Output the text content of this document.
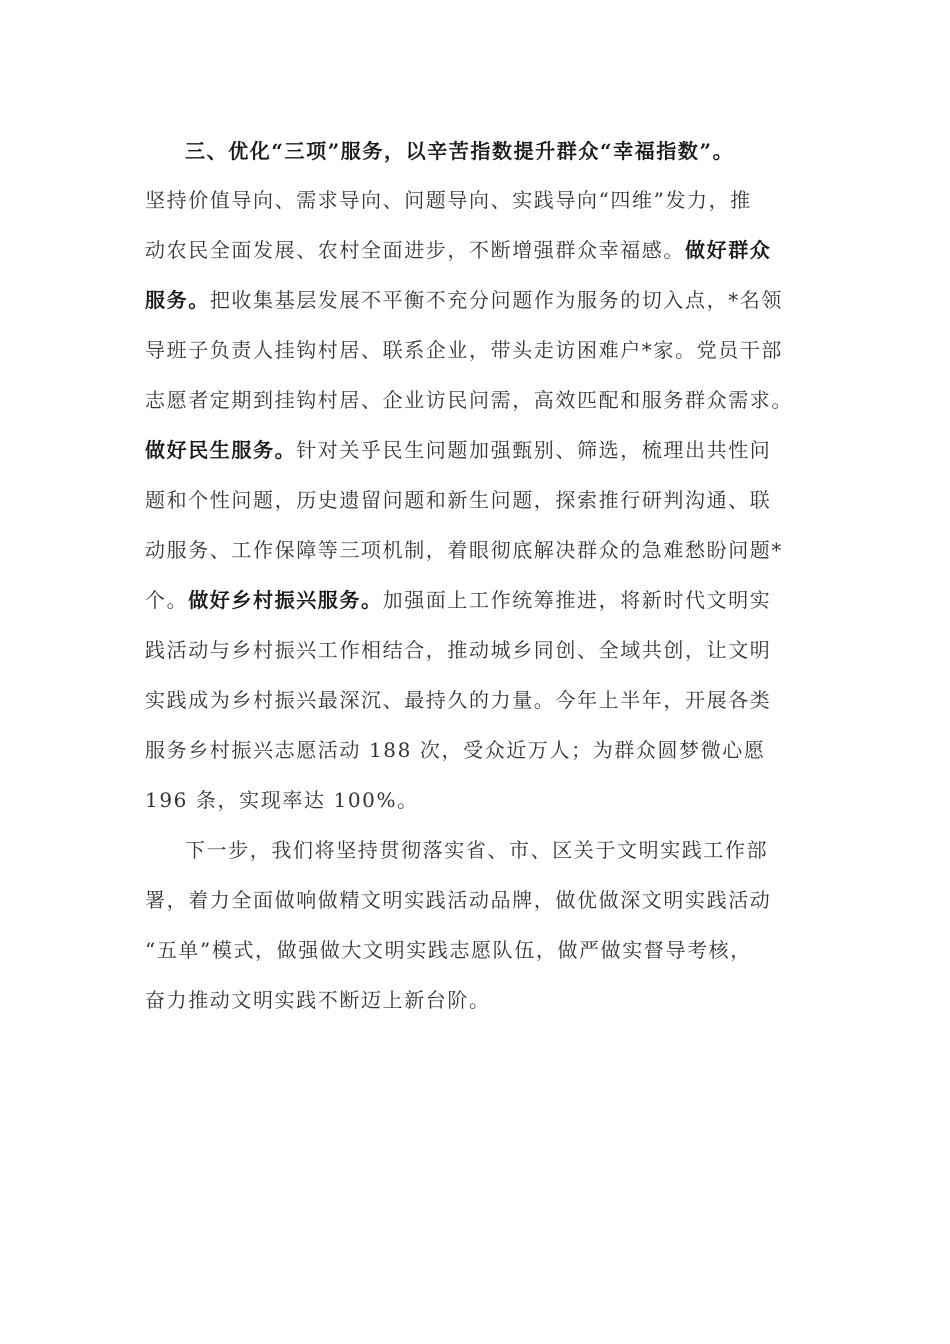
三、优化“三项”服务，以辛苦指数提升群众“幸福指数”。
坚持价值导向、需求导向、问题导向、实践导向“四维”发力，推
动农民全面发展、农村全面进步，不断增强群众幸福感。做好群众
服务。把收集基层发展不平衡不充分问题作为服务的切入点，*名领
导班子负责人挂钩村居、联系企业，带头走访困难户*家。党员干部
志愿者定期到挂钩村居、企业访民问需，高效匹配和服务群众需求。
做好民生服务。针对关乎民生问题加强甄别、筛选，梳理出共性问
题和个性问题，历史遗留问题和新生问题，探索推行研判沟通、联
动服务、工作保障等三项机制，着眼彻底解决群众的急难愁盼问题*
个。做好乡村振兴服务。加强面上工作统筹推进，将新时代文明实
践活动与乡村振兴工作相结合，推动城乡同创、全域共创，让文明
实践成为乡村振兴最深沉、最持久的力量。今年上半年，开展各类
服务乡村振兴志愿活动 188 次，受众近万人；为群众圆梦微心愿
196 条，实现率达 100%。
下一步，我们将坚持贯彻落实省、市、区关于文明实践工作部
署，着力全面做响做精文明实践活动品牌，做优做深文明实践活动
“五单”模式，做强做大文明实践志愿队伍，做严做实督导考核，
奋力推动文明实践不断迈上新台阶。
